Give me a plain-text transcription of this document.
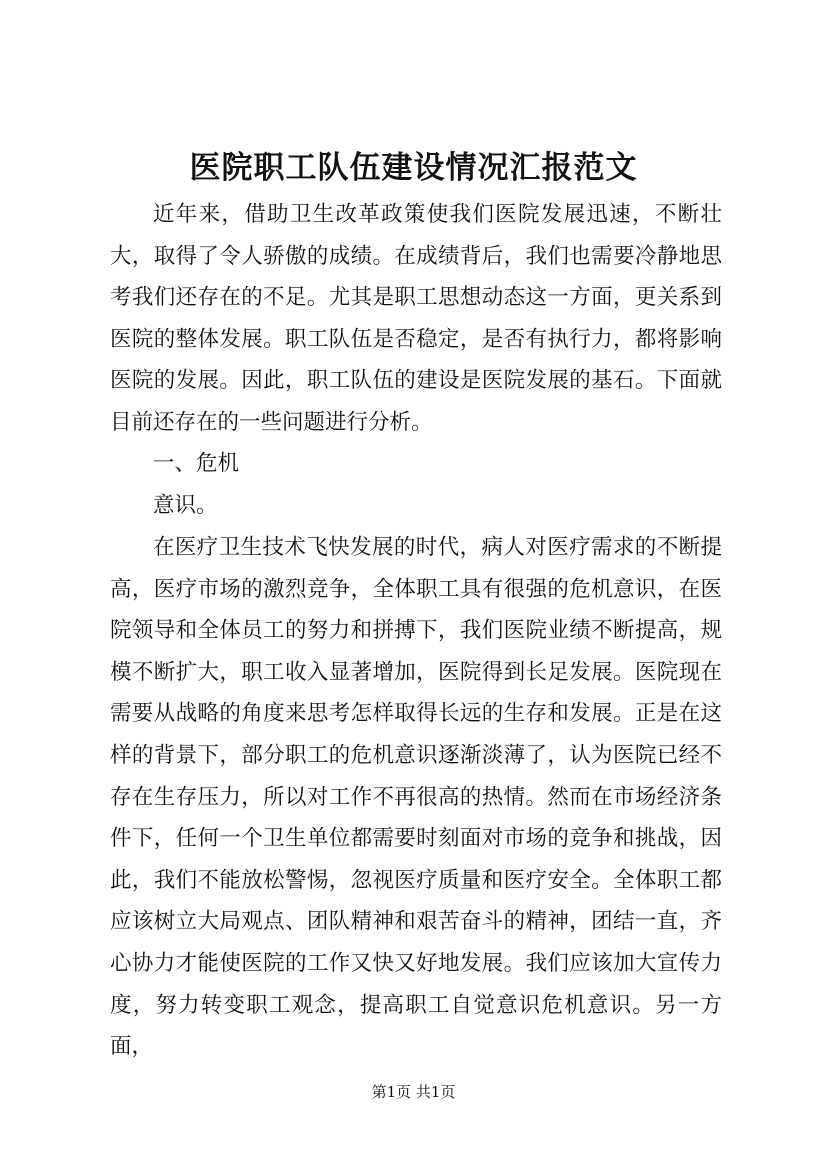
医院职工队伍建设情况汇报范文
近年来，借助卫生改革政策使我们医院发展迅速，不断壮大，取得了令人骄傲的成绩。在成绩背后，我们也需要冷静地思考我们还存在的不足。尤其是职工思想动态这一方面，更关系到医院的整体发展。职工队伍是否稳定，是否有执行力，都将影响医院的发展。因此，职工队伍的建设是医院发展的基石。下面就目前还存在的一些问题进行分析。
一、危机
意识。
在医疗卫生技术飞快发展的时代，病人对医疗需求的不断提高，医疗市场的激烈竞争，全体职工具有很强的危机意识，在医院领导和全体员工的努力和拼搏下，我们医院业绩不断提高，规模不断扩大，职工收入显著增加，医院得到长足发展。医院现在需要从战略的角度来思考怎样取得长远的生存和发展。正是在这样的背景下，部分职工的危机意识逐渐淡薄了，认为医院已经不存在生存压力，所以对工作不再很高的热情。然而在市场经济条件下，任何一个卫生单位都需要时刻面对市场的竞争和挑战，因此，我们不能放松警惕，忽视医疗质量和医疗安全。全体职工都应该树立大局观点、团队精神和艰苦奋斗的精神，团结一直，齐心协力才能使医院的工作又快又好地发展。我们应该加大宣传力度，努力转变职工观念，提高职工自觉意识危机意识。另一方面，
第1页 共1页
